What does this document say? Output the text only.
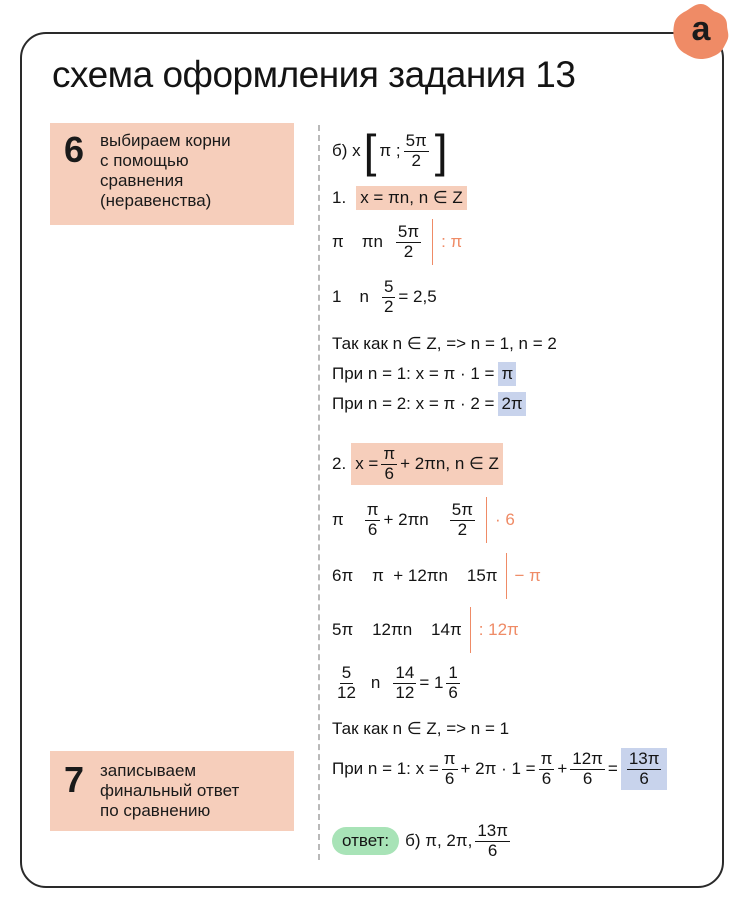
а
схема оформления задания 13
6 выбираем корни
с помощью
сравнения
(неравенства)
7 записываем
финальный ответ
по сравнению
б) x [ π ; $\frac{5\pi}{2}$ ]
1. x = πn, n ∈ Z
π πn $\frac{5\pi}{2}$	: π
1 n $\frac{5}{2} = 2,5$
Так как n ∈ Z, => n = 1, n = 2
При n = 1: x = π · 1 = π
При n = 2: x = π · 2 = 2π
2. $x = \frac{\pi}{6} + 2\pi n$, n ∈ Z
π $\frac{\pi}{6} + 2\pi n \frac{5\pi}{2}$	· 6
6π    π  + 12πn    15π	− π
5π    12πn    14π	: 12π
$\frac{5}{12}$ n $\frac{14}{12} = 1 \frac{1}{6}$
Так как n ∈ Z, => n = 1
При n = 1: $x = \frac{\pi}{6} + 2\pi \cdot 1 = \frac{\pi}{6} + \frac{12\pi}{6} = \frac{13\pi}{6}$
ответ: б) π, 2π, $\frac{13\pi}{6}$
